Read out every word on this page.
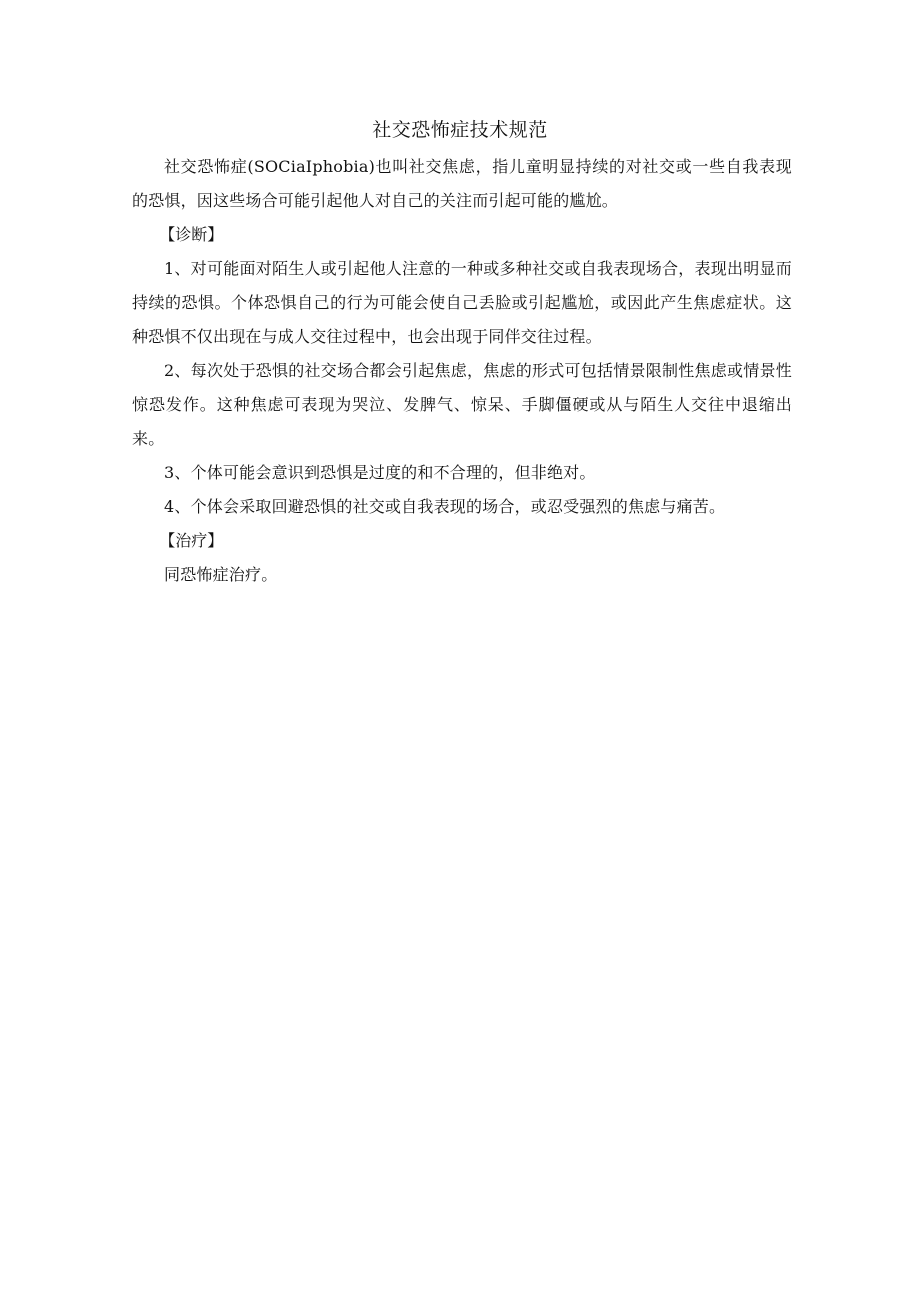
社交恐怖症技术规范

社交恐怖症(SOCiaIphobia)也叫社交焦虑，指儿童明显持续的对社交或一些自我表现的恐惧，因这些场合可能引起他人对自己的关注而引起可能的尴尬。

【诊断】

1、对可能面对陌生人或引起他人注意的一种或多种社交或自我表现场合，表现出明显而持续的恐惧。个体恐惧自己的行为可能会使自己丢脸或引起尴尬，或因此产生焦虑症状。这种恐惧不仅出现在与成人交往过程中，也会出现于同伴交往过程。

2、每次处于恐惧的社交场合都会引起焦虑，焦虑的形式可包括情景限制性焦虑或情景性惊恐发作。这种焦虑可表现为哭泣、发脾气、惊呆、手脚僵硬或从与陌生人交往中退缩出来。

3、个体可能会意识到恐惧是过度的和不合理的，但非绝对。

4、个体会采取回避恐惧的社交或自我表现的场合，或忍受强烈的焦虑与痛苦。

【治疗】

同恐怖症治疗。
